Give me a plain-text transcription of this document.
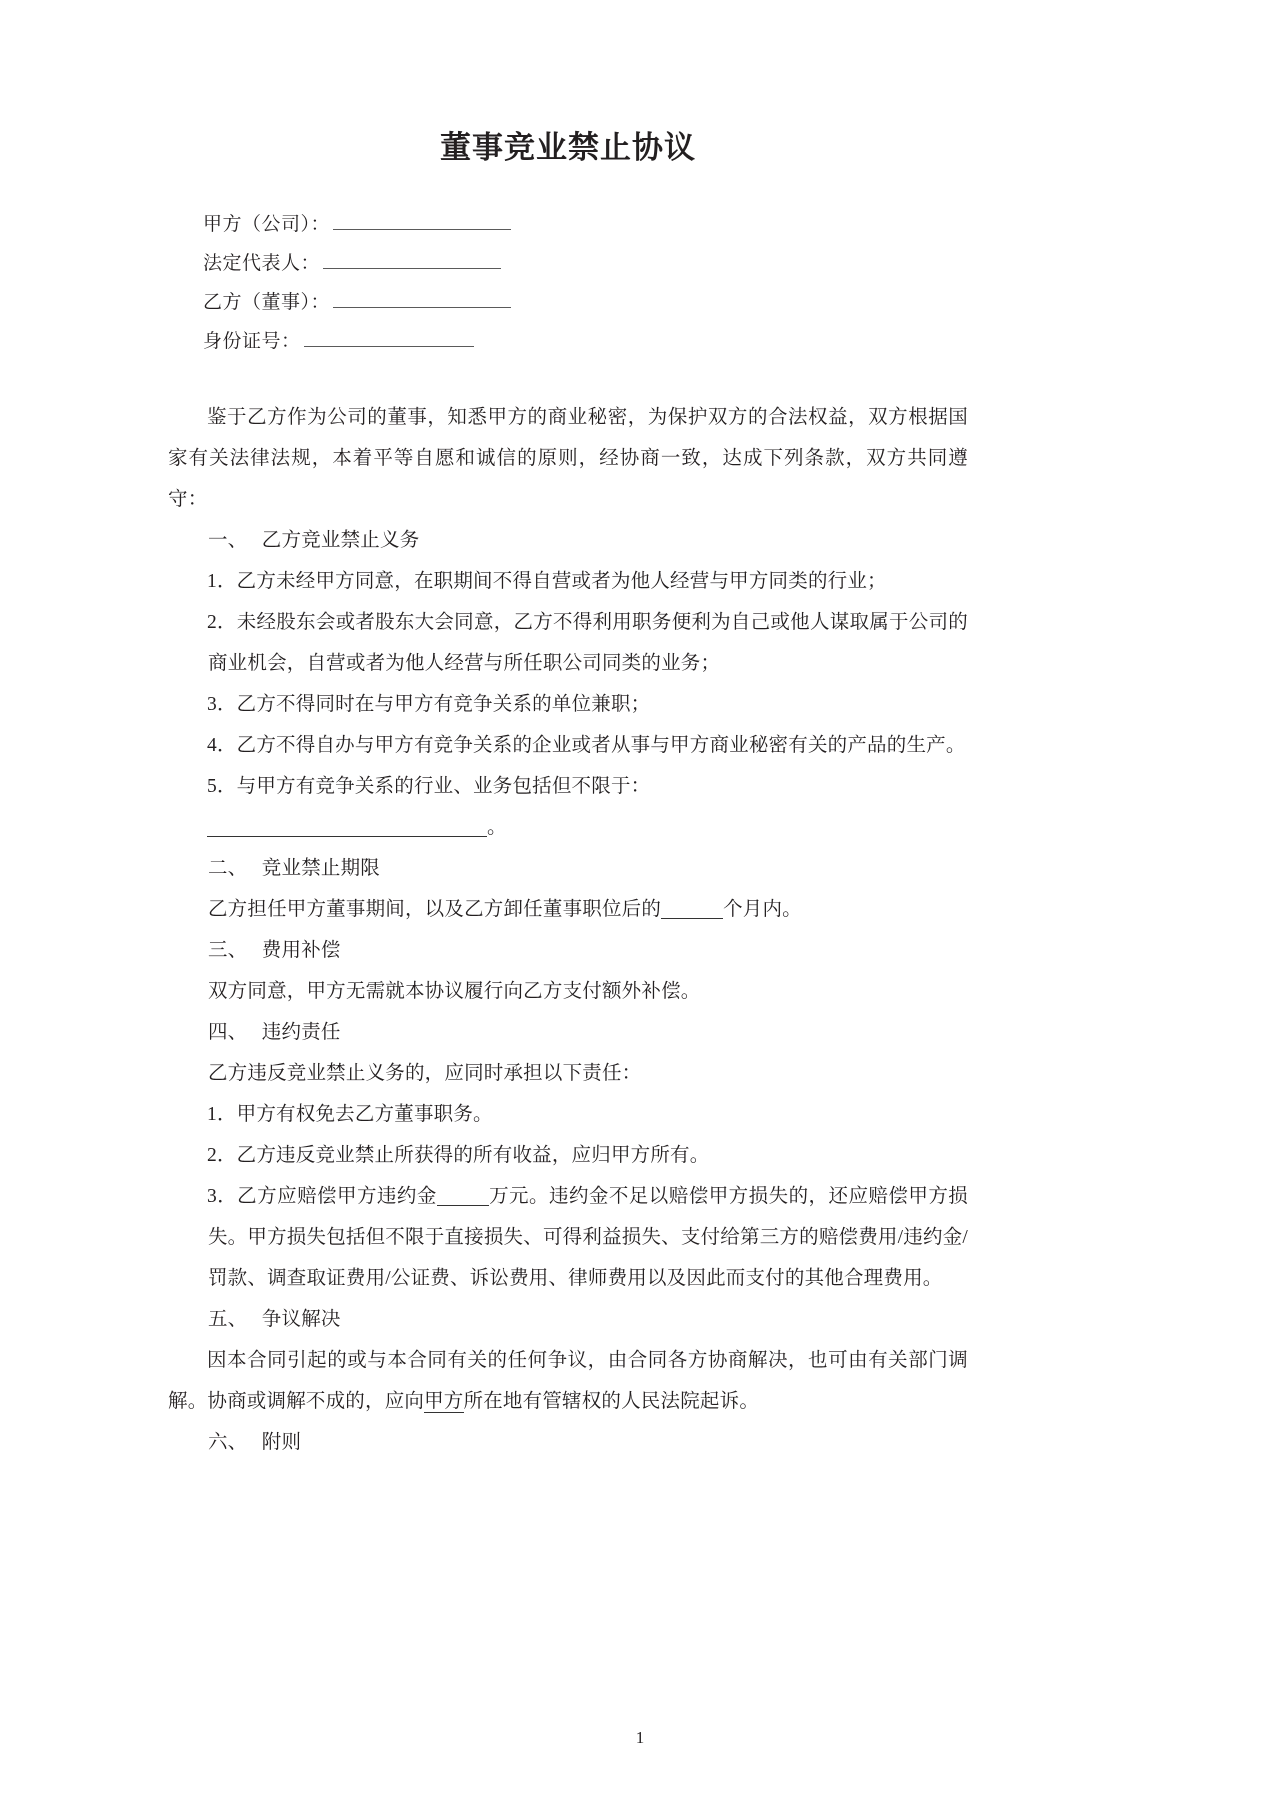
董事竞业禁止协议
甲方（公司）：
法定代表人：
乙方（董事）：
身份证号：

鉴于乙方作为公司的董事，知悉甲方的商业秘密，为保护双方的合法权益，双方根据国家有关法律法规，本着平等自愿和诚信的原则，经协商一致，达成下列条款，双方共同遵守：

一、 乙方竞业禁止义务

1．乙方未经甲方同意，在职期间不得自营或者为他人经营与甲方同类的行业；

2．未经股东会或者股东大会同意，乙方不得利用职务便利为自己或他人谋取属于公司的商业机会，自营或者为他人经营与所任职公司同类的业务；

3．乙方不得同时在与甲方有竞争关系的单位兼职；

4．乙方不得自办与甲方有竞争关系的企业或者从事与甲方商业秘密有关的产品的生产。

5．与甲方有竞争关系的行业、业务包括但不限于：

。

二、 竞业禁止期限

乙方担任甲方董事期间，以及乙方卸任董事职位后的	个月内。

三、 费用补偿

双方同意，甲方无需就本协议履行向乙方支付额外补偿。

四、 违约责任

乙方违反竞业禁止义务的，应同时承担以下责任：

1．甲方有权免去乙方董事职务。

2．乙方违反竞业禁止所获得的所有收益，应归甲方所有。

3．乙方应赔偿甲方违约金	万元。违约金不足以赔偿甲方损失的，还应赔偿甲方损失。甲方损失包括但不限于直接损失、可得利益损失、支付给第三方的赔偿费用/违约金/罚款、调查取证费用/公证费、诉讼费用、律师费用以及因此而支付的其他合理费用。

五、 争议解决

因本合同引起的或与本合同有关的任何争议，由合同各方协商解决，也可由有关部门调解。协商或调解不成的，应向甲方所在地有管辖权的人民法院起诉。

六、 附则

1
